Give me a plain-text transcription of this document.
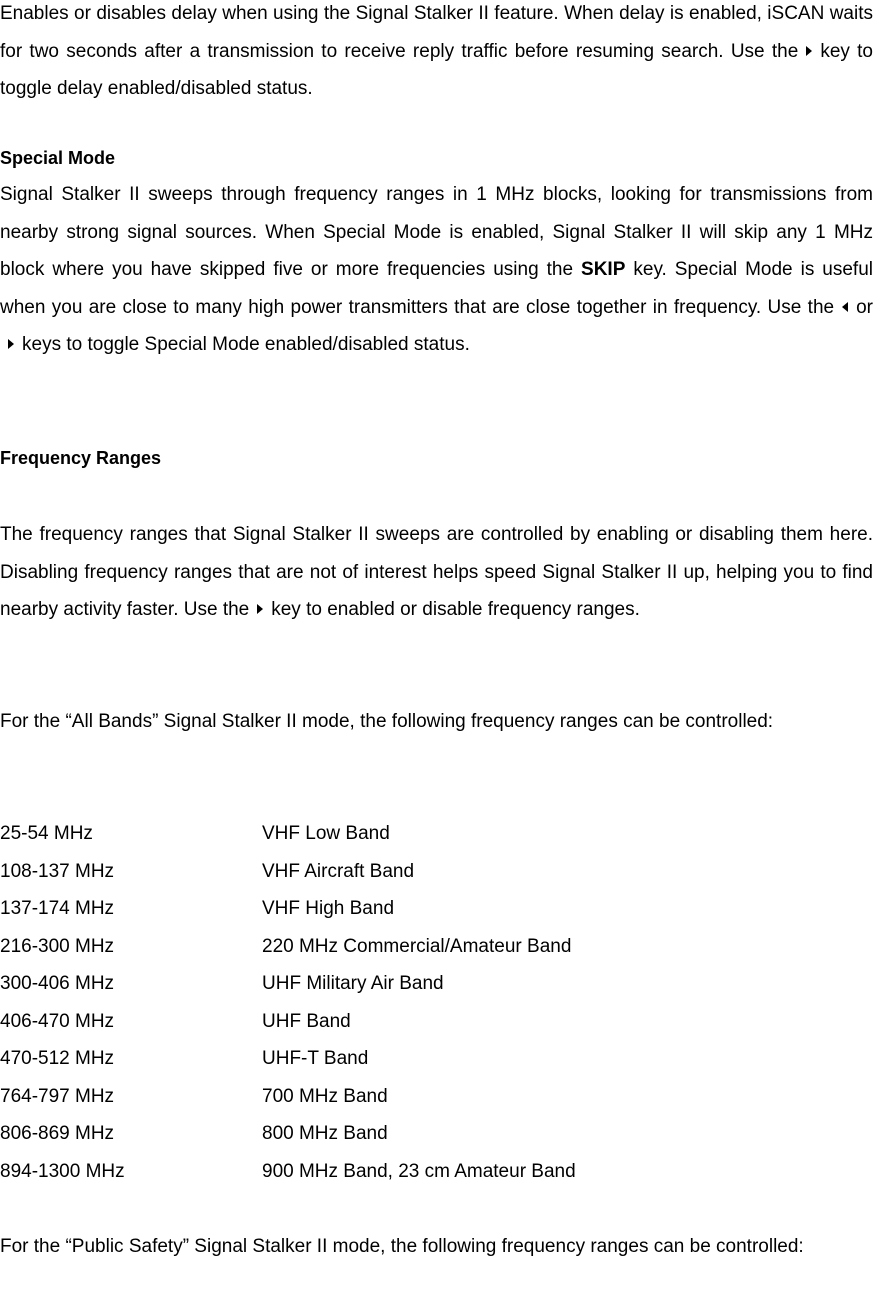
Enables or disables delay when using the Signal Stalker II feature. When delay is enabled, iSCAN waits for two seconds after a transmission to receive reply traffic before resuming search. Use the key to toggle delay enabled/disabled status.

Special Mode

Signal Stalker II sweeps through frequency ranges in 1 MHz blocks, looking for transmissions from nearby strong signal sources. When Special Mode is enabled, Signal Stalker II will skip any 1 MHz block where you have skipped five or more frequencies using the SKIP key. Special Mode is useful when you are close to many high power transmitters that are close together in frequency. Use the orkeys to toggle Special Mode enabled/disabled status.

Frequency Ranges

The frequency ranges that Signal Stalker II sweeps are controlled by enabling or disabling them here. Disabling frequency ranges that are not of interest helps speed Signal Stalker II up, helping you to find nearby activity faster. Use the key to enabled or disable frequency ranges.

For the “All Bands” Signal Stalker II mode, the following frequency ranges can be controlled:

25-54 MHz	VHF Low Band
108-137 MHz	VHF Aircraft Band
137-174 MHz	VHF High Band
216-300 MHz	220 MHz Commercial/Amateur Band
300-406 MHz	UHF Military Air Band
406-470 MHz	UHF Band
470-512 MHz	UHF-T Band
764-797 MHz	700 MHz Band
806-869 MHz	800 MHz Band
894-1300 MHz	900 MHz Band, 23 cm Amateur Band

For the “Public Safety” Signal Stalker II mode, the following frequency ranges can be controlled:
